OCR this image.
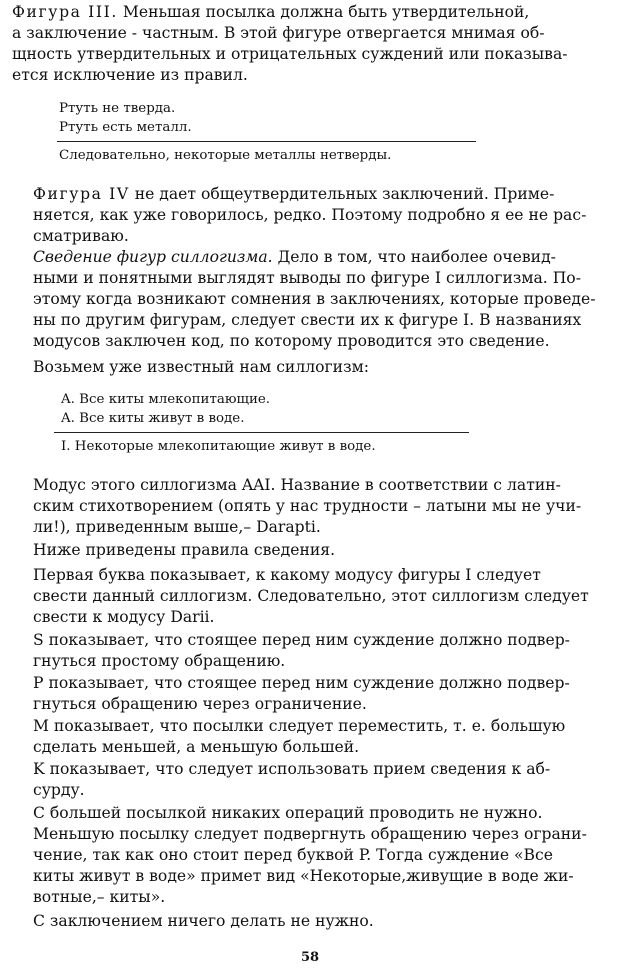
Фигура III. Меньшая посылка должна быть утвердительной,
а заключение - частным. В этой фигуре отвергается мнимая об-
щность утвердительных и отрицательных суждений или показыва-
ется исключение из правил.

Ртуть не тверда.
Ртуть есть металл.
Следовательно, некоторые металлы нетверды.

Фигура IV не дает общеутвердительных заключений. Приме-
няется, как уже говорилось, редко. Поэтому подробно я ее не рас-
сматриваю.

Сведение фигур силлогизма. Дело в том, что наиболее очевид-
ными и понятными выглядят выводы по фигуре I силлогизма. По-
этому когда возникают сомнения в заключениях, которые проведе-
ны по другим фигурам, следует свести их к фигуре I. В названиях
модусов заключен код, по которому проводится это сведение.

Возьмем уже известный нам силлогизм:

A. Все киты млекопитающие.
A. Все киты живут в воде.
I. Некоторые млекопитающие живут в воде.

Модус этого силлогизма AAI. Название в соответствии с латин-
ским стихотворением (опять у нас трудности – латыни мы не учи-
ли!), приведенным выше,– Darapti.

Ниже приведены правила сведения.

Первая буква показывает, к какому модусу фигуры I следует
свести данный силлогизм. Следовательно, этот силлогизм следует
свести к модусу Darii.

S показывает, что стоящее перед ним суждение должно подвер-
гнуться простому обращению.

P показывает, что стоящее перед ним суждение должно подвер-
гнуться обращению через ограничение.

M показывает, что посылки следует переместить, т. е. большую
сделать меньшей, а меньшую большей.

K показывает, что следует использовать прием сведения к аб-
сурду.

С большей посылкой никаких операций проводить не нужно.
Меньшую посылку следует подвергнуть обращению через ограни-
чение, так как оно стоит перед буквой P. Тогда суждение «Все
киты живут в воде» примет вид «Некоторые,живущие в воде жи-
вотные,– киты».

С заключением ничего делать не нужно.

58
